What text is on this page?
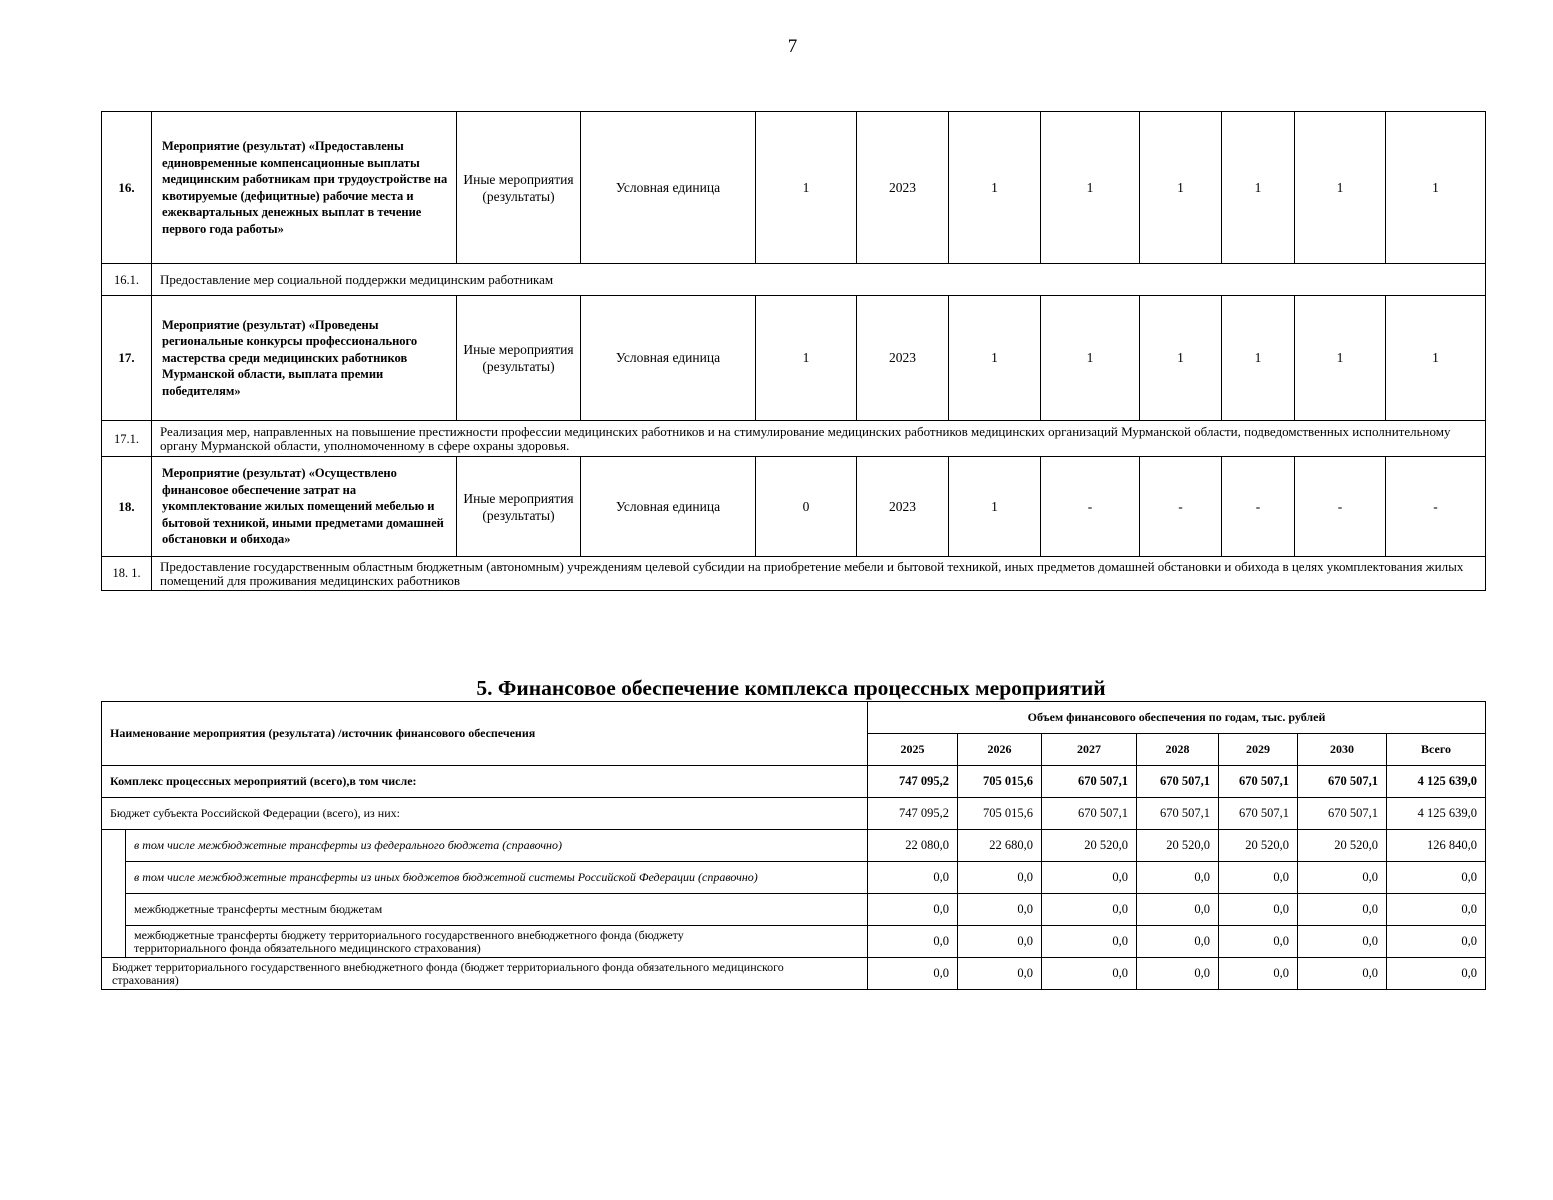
7
16.	Мероприятие (результат) «Предоставлены единовременные компенсационные выплаты медицинским работникам при трудоустройстве на квотируемые (дефицитные) рабочие места и ежеквартальных денежных выплат в течение первого года работы»	Иные мероприятия (результаты)	Условная единица	1	2023	1	1	1	1	1	1
16.1.	Предоставление мер социальной поддержки медицинским работникам										
17.	Мероприятие (результат) «Проведены региональные конкурсы профессионального мастерства среди медицинских работников Мурманской области, выплата премии победителям»	Иные мероприятия (результаты)	Условная единица	1	2023	1	1	1	1	1	1
17.1.	Реализация мер, направленных на повышение престижности профессии медицинских работников и на стимулирование медицинских работников медицинских организаций Мурманской области, подведомственных исполнительному органу Мурманской области, уполномоченному в сфере охраны здоровья.										
18.	Мероприятие (результат) «Осуществлено финансовое обеспечение затрат на укомплектование жилых помещений мебелью и бытовой техникой, иными предметами домашней обстановки и обихода»	Иные мероприятия (результаты)	Условная единица	0	2023	1	-	-	-	-	-
18. 1.	Предоставление государственным областным бюджетным (автономным) учреждениям целевой субсидии на приобретение мебели и бытовой техникой, иных предметов домашней обстановки и обихода в целях укомплектования жилых помещений для проживания медицинских работников										
5. Финансовое обеспечение комплекса процессных мероприятий
Наименование мероприятия (результата) /источник финансового обеспечения		Объем финансового обеспечения по годам, тыс. рублей						
		2025	2026	2027	2028	2029	2030	Всего
Комплекс процессных мероприятий (всего),в том числе:		747 095,2	705 015,6	670 507,1	670 507,1	670 507,1	670 507,1	4 125 639,0
Бюджет субъекта Российской Федерации (всего), из них:		747 095,2	705 015,6	670 507,1	670 507,1	670 507,1	670 507,1	4 125 639,0
	в том числе межбюджетные трансферты из федерального бюджета (справочно)	22 080,0	22 680,0	20 520,0	20 520,0	20 520,0	20 520,0	126 840,0
	в том числе межбюджетные трансферты из иных бюджетов бюджетной системы Российской Федерации (справочно)	0,0	0,0	0,0	0,0	0,0	0,0	0,0
	межбюджетные трансферты местным бюджетам	0,0	0,0	0,0	0,0	0,0	0,0	0,0
	межбюджетные трансферты бюджету территориального государственного внебюджетного фонда (бюджету территориального фонда обязательного медицинского страхования)	0,0	0,0	0,0	0,0	0,0	0,0	0,0
Бюджет территориального государственного внебюджетного фонда (бюджет территориального фонда обязательного медицинского страхования)		0,0	0,0	0,0	0,0	0,0	0,0	0,0
